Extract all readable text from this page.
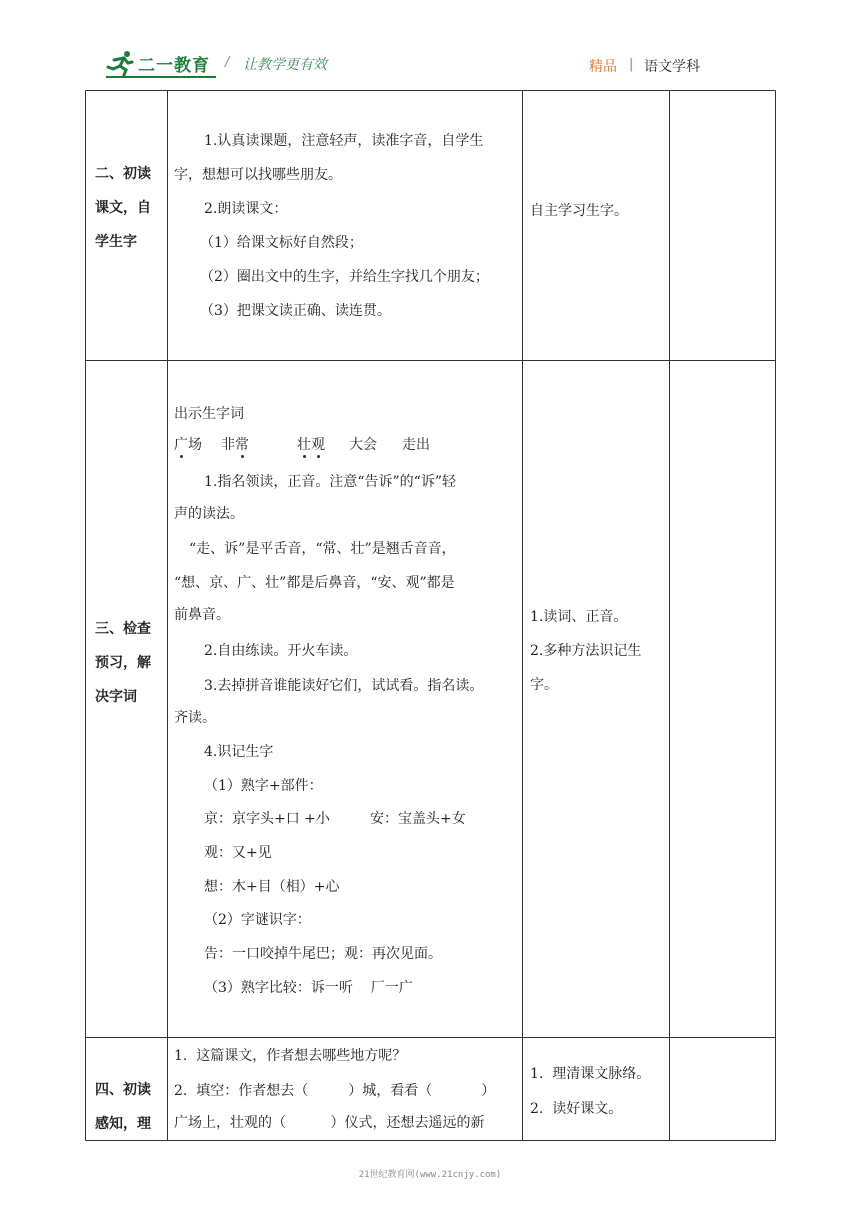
二一教育 / 让教学更有效	精品 | 语文学科
二、初读
课文，自
学生字
1.认真读课题，注意轻声，读准字音，自学生
字，想想可以找哪些朋友。
2.朗读课文：
（1）给课文标好自然段；
（2）圈出文中的生字，并给生字找几个朋友；
（3）把课文读正确、读连贯。
自主学习生字。
三、检查
预习，解
决字词
出示生字词
广场 非常	壮观 大会 走出
1.指名领读，正音。注意“告诉”的“诉”轻
声的读法。
“走、诉”是平舌音，“常、壮”是翘舌音音，
“想、京、广、壮”都是后鼻音，“安、观”都是
前鼻音。
2.自由练读。开火车读。
3.去掉拼音谁能读好它们，试试看。指名读。
齐读。
4.识记生字
（1）熟字+部件：
京：京字头+口 +小         安：宝盖头+女
观：又+见
想：木+目（相）+心
（2）字谜识字：
告：一口咬掉牛尾巴；观：再次见面。
（3）熟字比较：诉一听    厂一广
1.读词、正音。
2.多种方法识记生
字。
四、初读
感知，理
1.  这篇课文，作者想去哪些地方呢？
2.  填空：作者想去（         ）城，看看（           ）
广场上，壮观的（          ）仪式，还想去遥远的新
1.  理清课文脉络。
2.  读好课文。
21世纪教育网(www.21cnjy.com)
